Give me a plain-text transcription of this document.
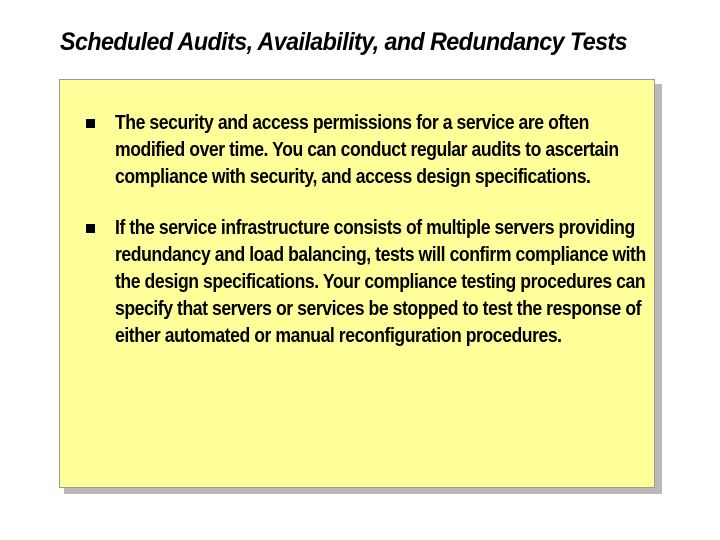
Scheduled Audits, Availability, and Redundancy Tests
The security and access permissions for a service are often modified over time. You can conduct regular audits to ascertain compliance with security, and access design specifications.
If the service infrastructure consists of multiple servers providing redundancy and load balancing, tests will confirm compliance with the design specifications. Your compliance testing procedures can specify that servers or services be stopped to test the response of either automated or manual reconfiguration procedures.
